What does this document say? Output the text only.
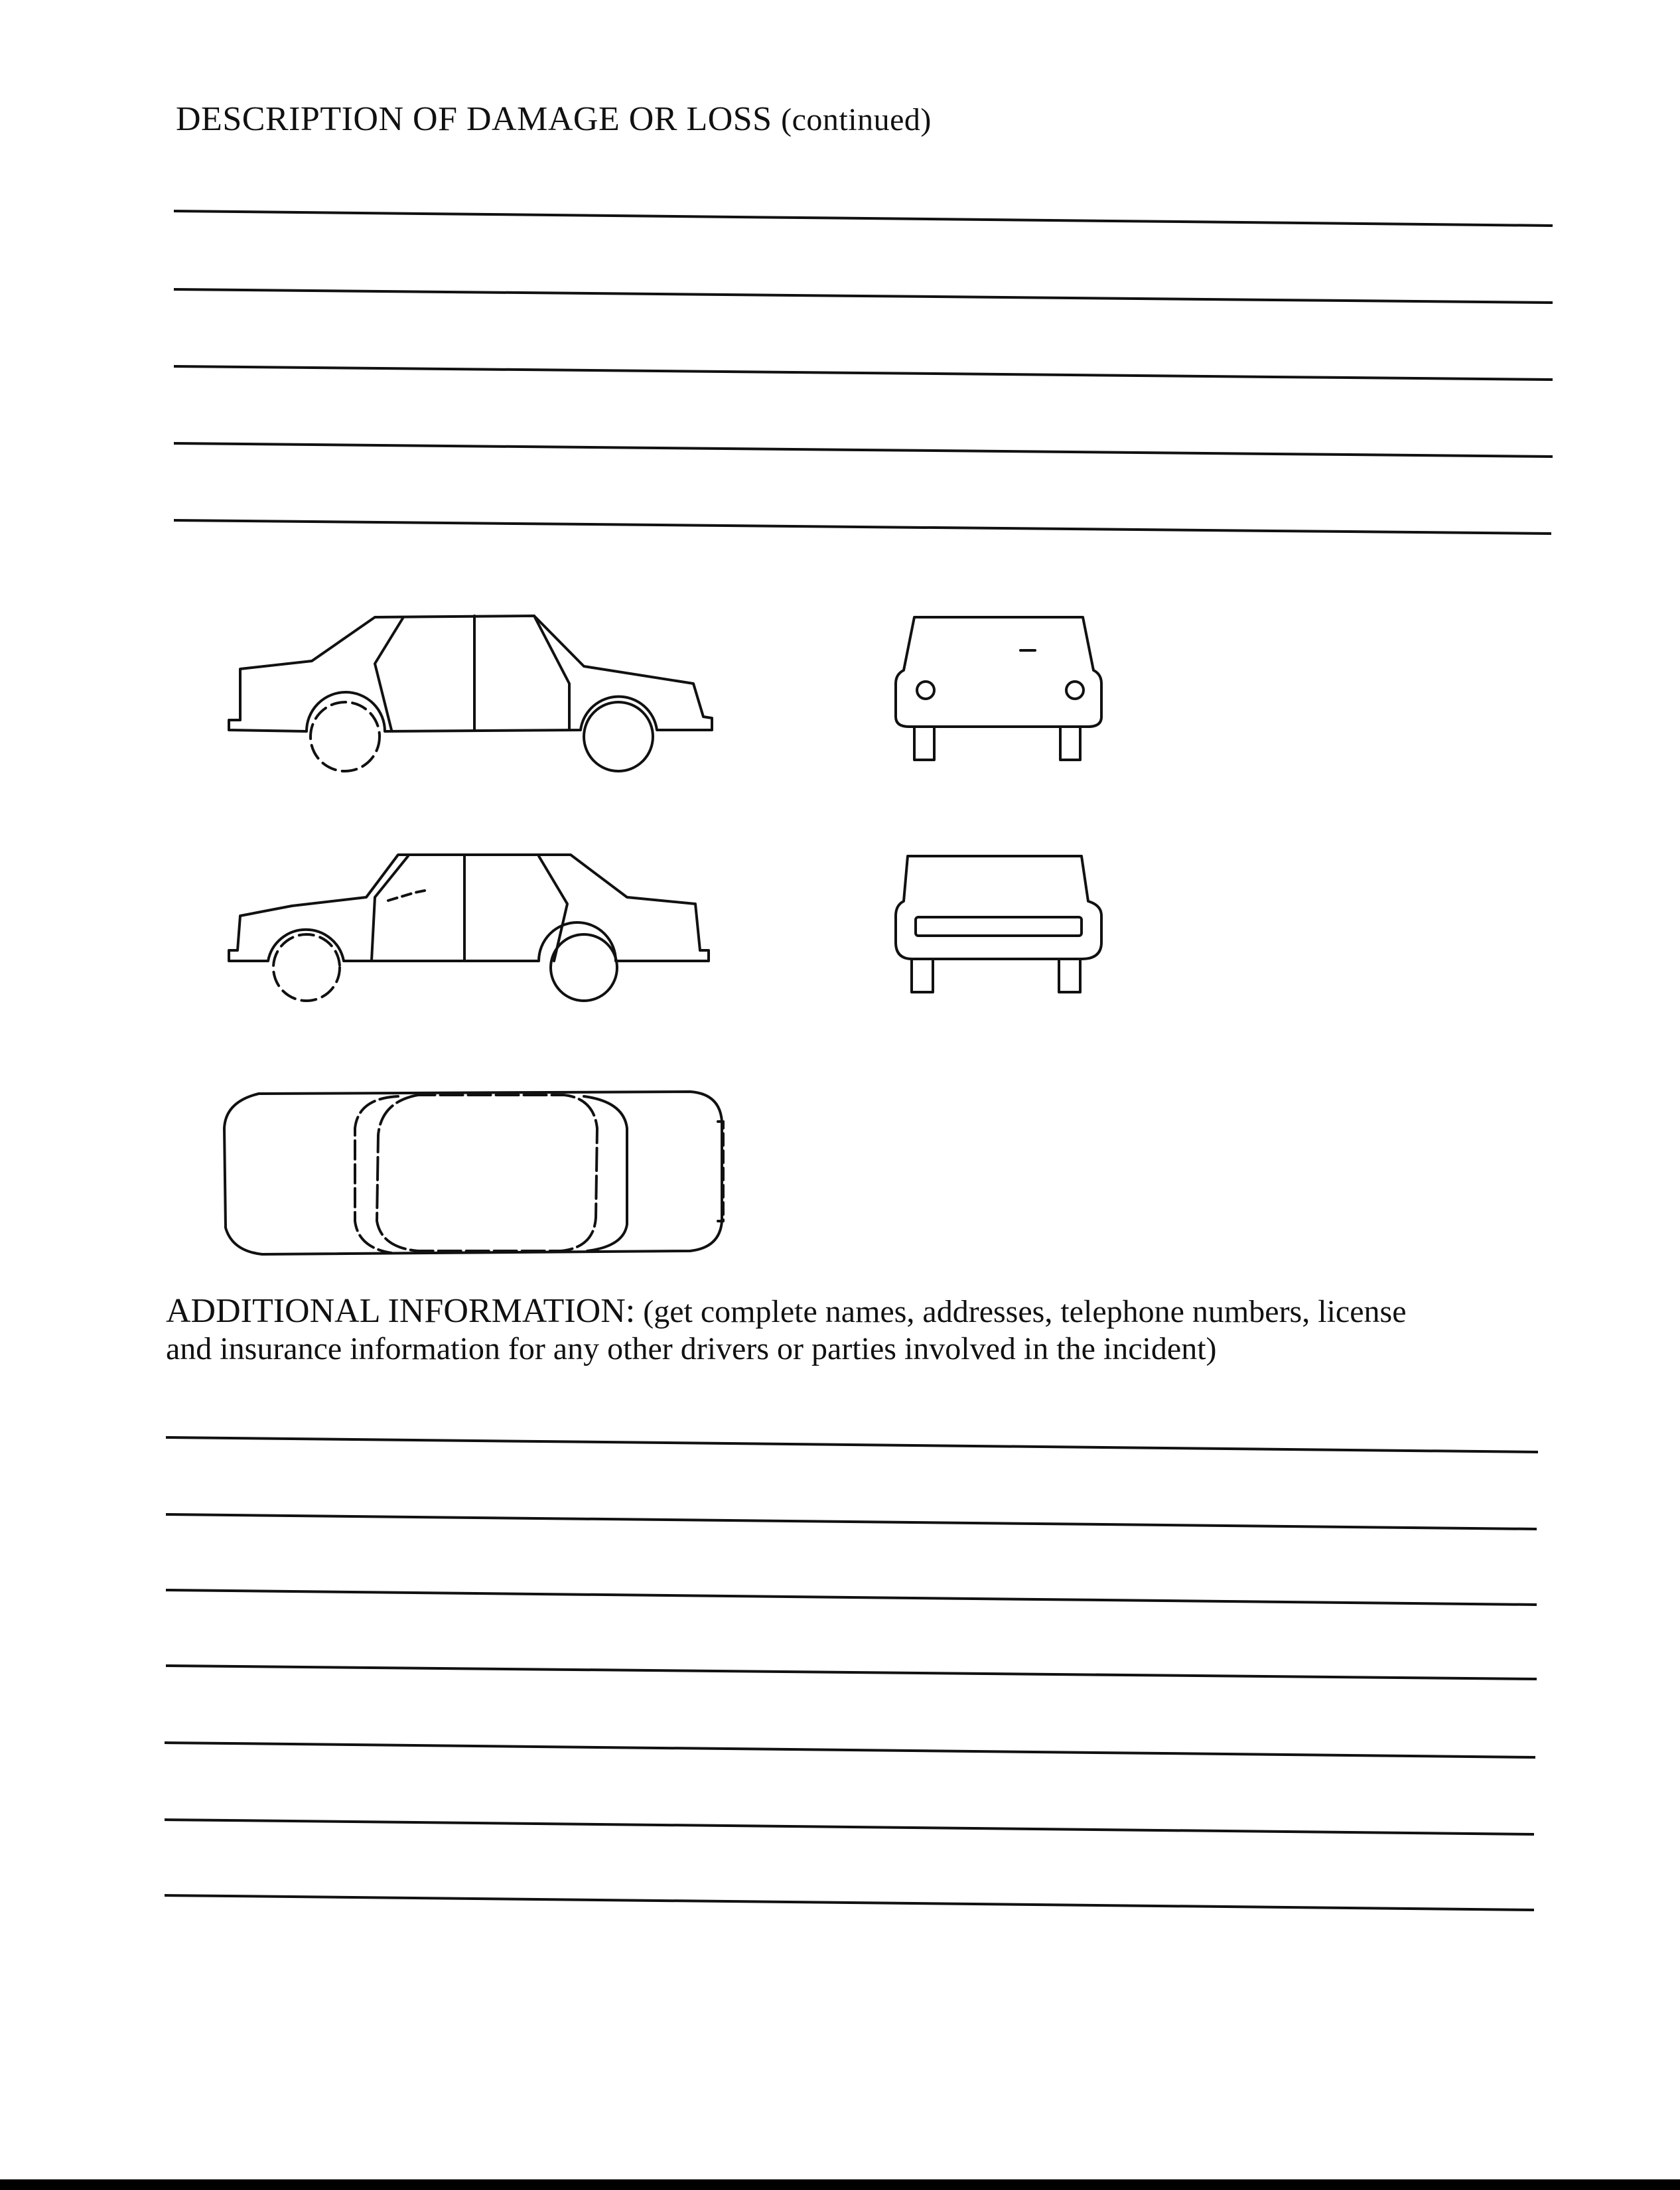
DESCRIPTION OF DAMAGE OR LOSS (continued)
ADDITIONAL INFORMATION: (get complete names, addresses, telephone numbers, license
and insurance information for any other drivers or parties involved in the incident)
